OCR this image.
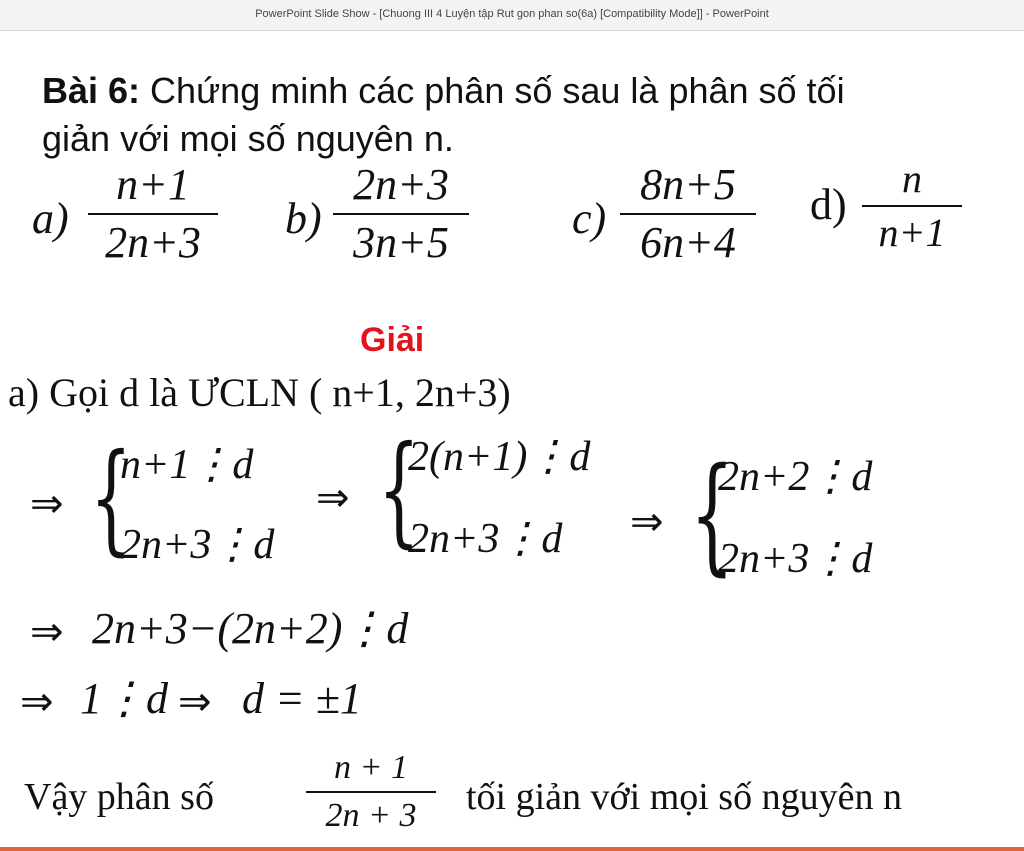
PowerPoint Slide Show - [Chuong III 4 Luyện tập Rut gon phan so(6a) [Compatibility Mode]] - PowerPoint
Bài 6: Chứng minh các phân số sau là phân số tối
giản với mọi số nguyên n.
a)
n+1
2n+3	b)
2n+3
3n+5	c)
8n+5
6n+4
d)
n
n+1
Giải
a) Gọi d là ƯCLN ( n+1, 2n+3)
⇒ {
n+1⋮d
2n+3⋮d
⇒ {
2(n+1)⋮d
2n+3⋮d ⇒ {
2n+2⋮d
2n+3⋮d
⇒ 2n+3−(2n+2)⋮d
⇒ 1⋮d ⇒ d = ±1
Vậy phân số
n + 1
2n + 3	tối giản với mọi số nguyên n
